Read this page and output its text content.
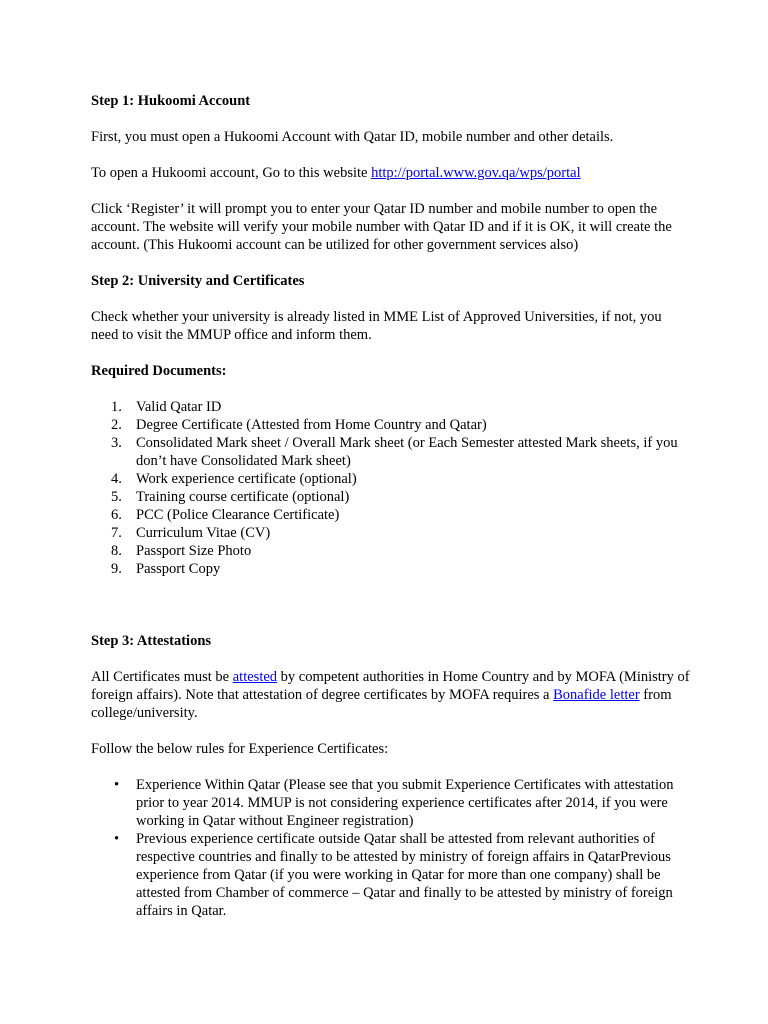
Step 1: Hukoomi Account

First, you must open a Hukoomi Account with Qatar ID, mobile number and other details.

To open a Hukoomi account, Go to this website http://portal.www.gov.qa/wps/portal

Click ‘Register’ it will prompt you to enter your Qatar ID number and mobile number to open the account. The website will verify your mobile number with Qatar ID and if it is OK, it will create the account. (This Hukoomi account can be utilized for other government services also)

Step 2: University and Certificates

Check whether your university is already listed in MME List of Approved Universities, if not, you need to visit the MMUP office and inform them.

Required Documents:

1. Valid Qatar ID
2. Degree Certificate (Attested from Home Country and Qatar)
3. Consolidated Mark sheet / Overall Mark sheet (or Each Semester attested Mark sheets, if you don’t have Consolidated Mark sheet)
4. Work experience certificate (optional)
5. Training course certificate (optional)
6. PCC (Police Clearance Certificate)
7. Curriculum Vitae (CV)
8. Passport Size Photo
9. Passport Copy

Step 3: Attestations

All Certificates must be attested by competent authorities in Home Country and by MOFA (Ministry of foreign affairs). Note that attestation of degree certificates by MOFA requires a Bonafide letter from college/university.

Follow the below rules for Experience Certificates:

• Experience Within Qatar (Please see that you submit Experience Certificates with attestation prior to year 2014. MMUP is not considering experience certificates after 2014, if you were working in Qatar without Engineer registration)
• Previous experience certificate outside Qatar shall be attested from relevant authorities of respective countries and finally to be attested by ministry of foreign affairs in QatarPrevious experience from Qatar (if you were working in Qatar for more than one company) shall be attested from Chamber of commerce – Qatar and finally to be attested by ministry of foreign affairs in Qatar.
